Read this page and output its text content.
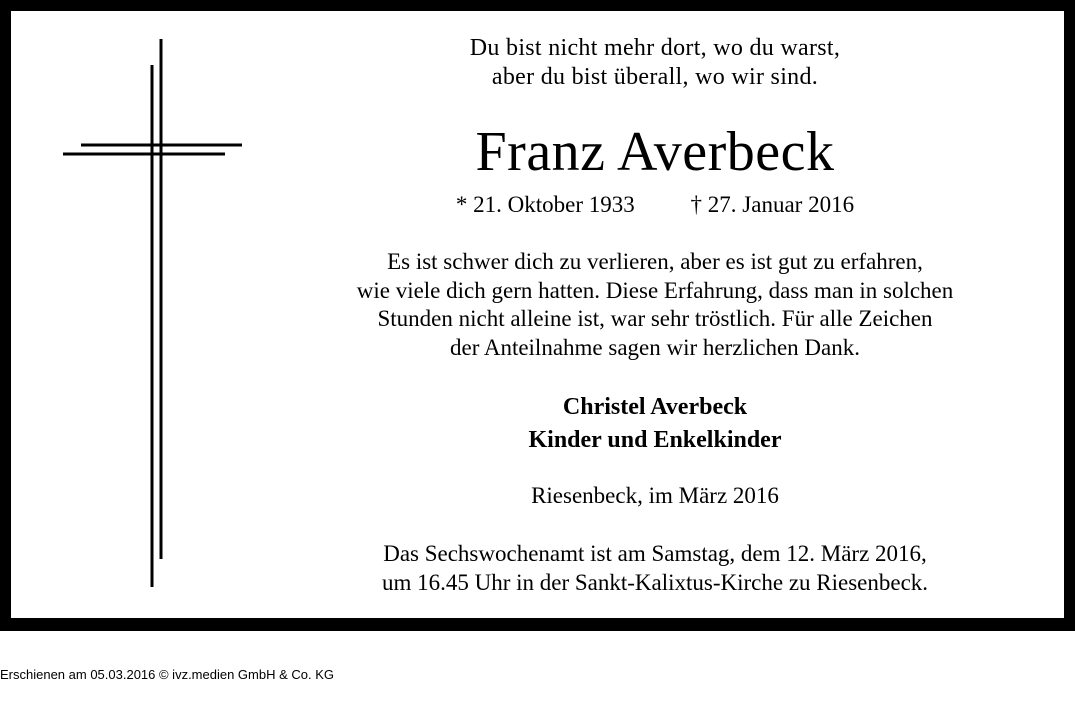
Du bist nicht mehr dort, wo du warst,
aber du bist überall, wo wir sind.
Franz Averbeck
* 21. Oktober 1933 † 27. Januar 2016
Es ist schwer dich zu verlieren, aber es ist gut zu erfahren,
wie viele dich gern hatten. Diese Erfahrung, dass man in solchen
Stunden nicht alleine ist, war sehr tröstlich. Für alle Zeichen
der Anteilnahme sagen wir herzlichen Dank.
Christel Averbeck
Kinder und Enkelkinder
Riesenbeck, im März 2016
Das Sechswochenamt ist am Samstag, dem 12. März 2016,
um 16.45 Uhr in der Sankt-Kalixtus-Kirche zu Riesenbeck.
Erschienen am 05.03.2016 © ivz.medien GmbH & Co. KG
